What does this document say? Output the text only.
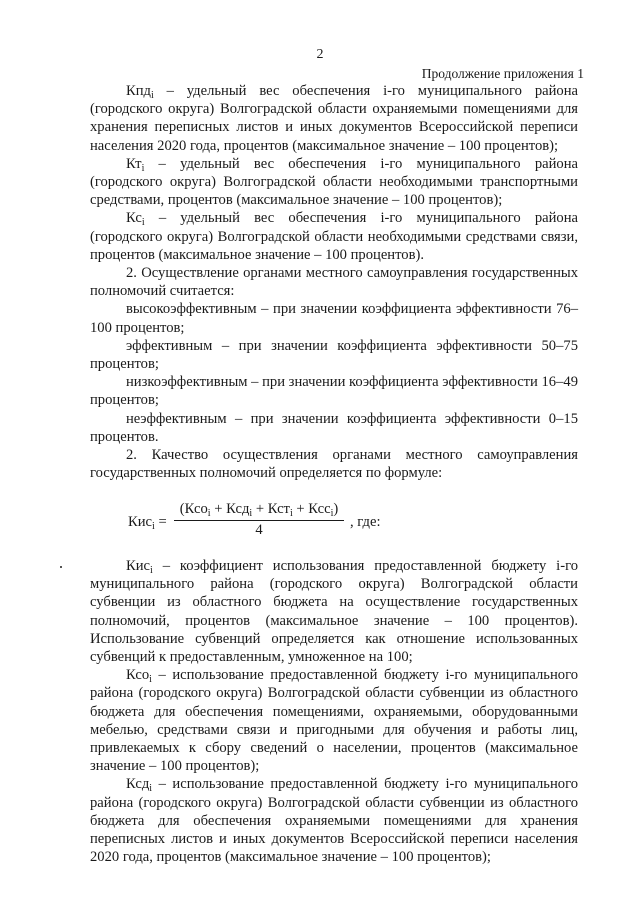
2
Продолжение приложения 1

Кпд$_i$ – удельный вес обеспечения i-го муниципального района (городского округа) Волгоградской области охраняемыми помещениями для хранения переписных листов и иных документов Всероссийской переписи населения 2020 года, процентов (максимальное значение – 100 процентов);

$Кт_i$ – удельный вес обеспечения i-го муниципального района (городского округа) Волгоградской области необходимыми транспортными средствами, процентов (максимальное значение – 100 процентов);

$Кс_i$ – удельный вес обеспечения i-го муниципального района (городского округа) Волгоградской области необходимыми средствами связи, процентов (максимальное значение – 100 процентов).

2. Осуществление органами местного самоуправления государственных полномочий считается:

высокоэффективным – при значении коэффициента эффективности 76–100 процентов;

эффективным – при значении коэффициента эффективности 50–75 процентов;

низкоэффективным – при значении коэффициента эффективности 16–49 процентов;

неэффективным – при значении коэффициента эффективности 0–15 процентов.

2. Качество осуществления органами местного самоуправления государственных полномочий определяется по формуле:

Кис$_i$ =
(Ксо$_i$ + Ксд$_i$ + Кст$_i$ + Ксс$_i$)
4	, где:

Кис$_i$ – коэффициент использования предоставленной бюджету i-го муниципального района (городского округа) Волгоградской области субвенции из областного бюджета на осуществление государственных полномочий, процентов (максимальное значение – 100 процентов). Использование субвенций определяется как отношение использованных субвенций к предоставленным, умноженное на 100;

Ксо$_i$ – использование предоставленной бюджету i-го муниципального района (городского округа) Волгоградской области субвенции из областного бюджета для обеспечения помещениями, охраняемыми, оборудованными мебелью, средствами связи и пригодными для обучения и работы лиц, привлекаемых к сбору сведений о населении, процентов (максимальное значение – 100 процентов);

Ксд$_i$ – использование предоставленной бюджету i-го муниципального района (городского округа) Волгоградской области субвенции из областного бюджета для обеспечения охраняемыми помещениями для хранения переписных листов и иных документов Всероссийской переписи населения 2020 года, процентов (максимальное значение – 100 процентов);
